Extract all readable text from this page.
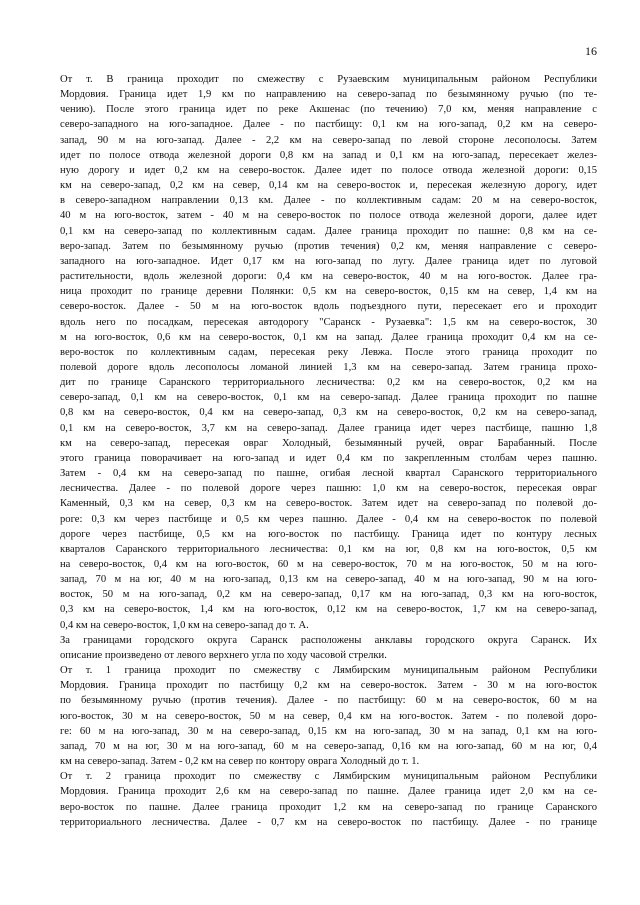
16

От т. В граница проходит по смежеству с Рузаевским муниципальным районом Республики
Мордовия. Граница идет 1,9 км по направлению на северо-запад по безымянному ручью (по те-
чению). После этого граница идет по реке Акшенас (по течению) 7,0 км, меняя направление с
северо-западного на юго-западное. Далее - по пастбищу: 0,1 км на юго-запад, 0,2 км на северо-
запад, 90 м на юго-запад. Далее - 2,2 км на северо-запад по левой стороне лесополосы. Затем
идет по полосе отвода железной дороги 0,8 км на запад и 0,1 км на юго-запад, пересекает желез-
ную дорогу и идет 0,2 км на северо-восток. Далее идет по полосе отвода железной дороги: 0,15
км на северо-запад, 0,2 км на север, 0,14 км на северо-восток и, пересекая железную дорогу, идет
в северо-западном направлении 0,13 км. Далее - по коллективным садам: 20 м на северо-восток,
40 м на юго-восток, затем - 40 м на северо-восток по полосе отвода железной дороги, далее идет
0,1 км на северо-запад по коллективным садам. Далее граница проходит по пашне: 0,8 км на се-
веро-запад. Затем по безымянному ручью (против течения) 0,2 км, меняя направление с северо-
западного на юго-западное. Идет 0,17 км на юго-запад по лугу. Далее граница идет по луговой
растительности, вдоль железной дороги: 0,4 км на северо-восток, 40 м на юго-восток. Далее гра-
ница проходит по границе деревни Полянки: 0,5 км на северо-восток, 0,15 км на север, 1,4 км на
северо-восток. Далее - 50 м на юго-восток вдоль подъездного пути, пересекает его и проходит
вдоль него по посадкам, пересекая автодорогу "Саранск - Рузаевка": 1,5 км на северо-восток, 30
м на юго-восток, 0,6 км на северо-восток, 0,1 км на запад. Далее граница проходит 0,4 км на се-
веро-восток по коллективным садам, пересекая реку Левжа. После этого граница проходит по
полевой дороге вдоль лесополосы ломаной линией 1,3 км на северо-запад. Затем граница прохо-
дит по границе Саранского территориального лесничества: 0,2 км на северо-восток, 0,2 км на
северо-запад, 0,1 км на северо-восток, 0,1 км на северо-запад. Далее граница проходит по пашне
0,8 км на северо-восток, 0,4 км на северо-запад, 0,3 км на северо-восток, 0,2 км на северо-запад,
0,1 км на северо-восток, 3,7 км на северо-запад. Далее граница идет через пастбище, пашню 1,8
км на северо-запад, пересекая овраг Холодный, безымянный ручей, овраг Барабанный. После
этого граница поворачивает на юго-запад и идет 0,4 км по закрепленным столбам через пашню.
Затем - 0,4 км на северо-запад по пашне, огибая лесной квартал Саранского территориального
лесничества. Далее - по полевой дороге через пашню: 1,0 км на северо-восток, пересекая овраг
Каменный, 0,3 км на север, 0,3 км на северо-восток. Затем идет на северо-запад по полевой до-
роге: 0,3 км через пастбище и 0,5 км через пашню. Далее - 0,4 км на северо-восток по полевой
дороге через пастбище, 0,5 км на юго-восток по пастбищу. Граница идет по контуру лесных
кварталов Саранского территориального лесничества: 0,1 км на юг, 0,8 км на юго-восток, 0,5 км
на северо-восток, 0,4 км на юго-восток, 60 м на северо-восток, 70 м на юго-восток, 50 м на юго-
запад, 70 м на юг, 40 м на юго-запад, 0,13 км на северо-запад, 40 м на юго-запад, 90 м на юго-
восток, 50 м на юго-запад, 0,2 км на северо-запад, 0,17 км на юго-запад, 0,3 км на юго-восток,
0,3 км на северо-восток, 1,4 км на юго-восток, 0,12 км на северо-восток, 1,7 км на северо-запад,
0,4 км на северо-восток, 1,0 км на северо-запад до т. А.

За границами городского округа Саранск расположены анклавы городского округа Саранск. Их
описание произведено от левого верхнего угла по ходу часовой стрелки.

От т. 1 граница проходит по смежеству с Лямбирским муниципальным районом Республики
Мордовия. Граница проходит по пастбищу 0,2 км на северо-восток. Затем - 30 м на юго-восток
по безымянному ручью (против течения). Далее - по пастбищу: 60 м на северо-восток, 60 м на
юго-восток, 30 м на северо-восток, 50 м на север, 0,4 км на юго-восток. Затем - по полевой доро-
ге: 60 м на юго-запад, 30 м на северо-запад, 0,15 км на юго-запад, 30 м на запад, 0,1 км на юго-
запад, 70 м на юг, 30 м на юго-запад, 60 м на северо-запад, 0,16 км на юго-запад, 60 м на юг, 0,4
км на северо-запад. Затем - 0,2 км на север по контору оврага Холодный до т. 1.

От т. 2 граница проходит по смежеству с Лямбирским муниципальным районом Республики
Мордовия. Граница проходит 2,6 км на северо-запад по пашне. Далее граница идет 2,0 км на се-
веро-восток по пашне. Далее граница проходит 1,2 км на северо-запад по границе Саранского
территориального лесничества. Далее - 0,7 км на северо-восток по пастбищу. Далее - по границе
